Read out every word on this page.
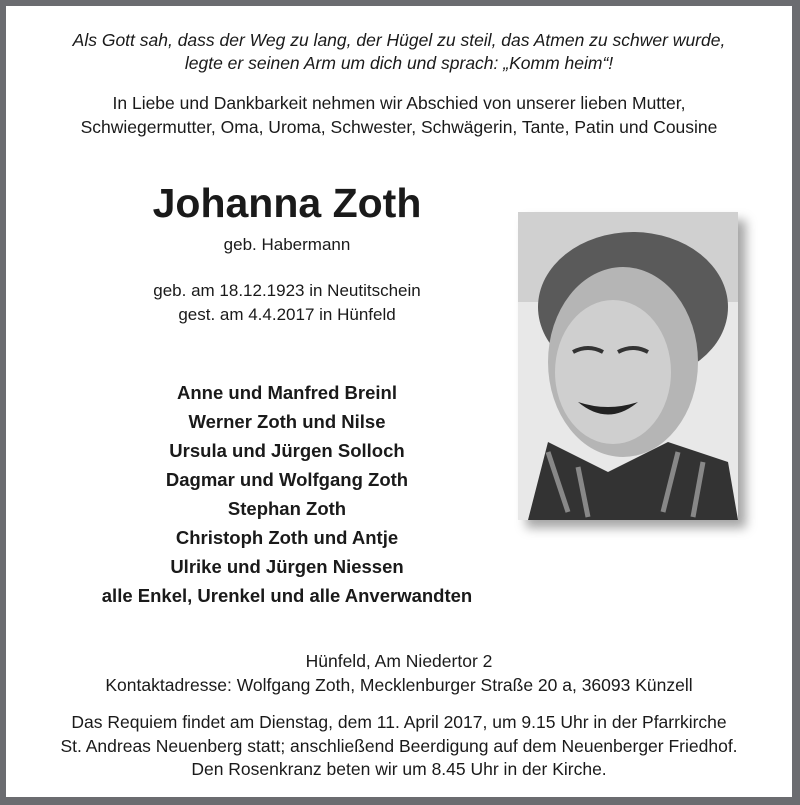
Als Gott sah, dass der Weg zu lang, der Hügel zu steil, das Atmen zu schwer wurde,
legte er seinen Arm um dich und sprach: „Komm heim“!
In Liebe und Dankbarkeit nehmen wir Abschied von unserer lieben Mutter,
Schwiegermutter, Oma, Uroma, Schwester, Schwägerin, Tante, Patin und Cousine
Johanna Zoth
geb. Habermann
geb. am 18.12.1923 in Neutitschein
gest. am 4.4.2017 in Hünfeld
Anne und Manfred Breinl
Werner Zoth und Nilse
Ursula und Jürgen Solloch
Dagmar und Wolfgang Zoth
Stephan Zoth
Christoph Zoth und Antje
Ulrike und Jürgen Niessen
alle Enkel, Urenkel und alle Anverwandten
Hünfeld, Am Niedertor 2
Kontaktadresse: Wolfgang Zoth, Mecklenburger Straße 20 a, 36093 Künzell
Das Requiem findet am Dienstag, dem 11. April 2017, um 9.15 Uhr in der Pfarrkirche
St. Andreas Neuenberg statt; anschließend Beerdigung auf dem Neuenberger Friedhof.
Den Rosenkranz beten wir um 8.45 Uhr in der Kirche.
